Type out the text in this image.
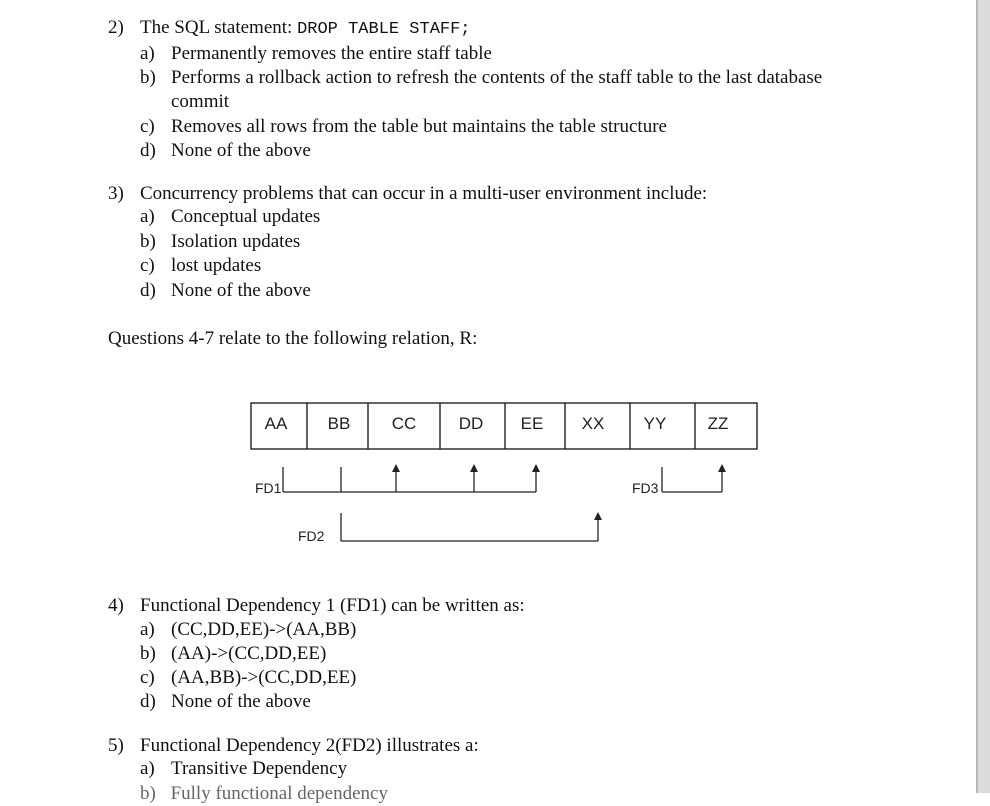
2) The SQL statement: DROP TABLE STAFF;
a) Permanently removes the entire staff table
b) Performs a rollback action to refresh the contents of the staff table to the last database
commit
c) Removes all rows from the table but maintains the table structure
d) None of the above
3) Concurrency problems that can occur in a multi-user environment include:
a) Conceptual updates
b) Isolation updates
c) lost updates
d) None of the above
Questions 4-7 relate to the following relation, R:
AA BB CC DD EE XX YY ZZ
FD1
FD2
FD3
4) Functional Dependency 1 (FD1) can be written as:
a) (CC,DD,EE)->(AA,BB)
b) (AA)->(CC,DD,EE)
c) (AA,BB)->(CC,DD,EE)
d) None of the above
5) Functional Dependency 2(FD2) illustrates a:
a) Transitive Dependency
b) Fully functional dependency
